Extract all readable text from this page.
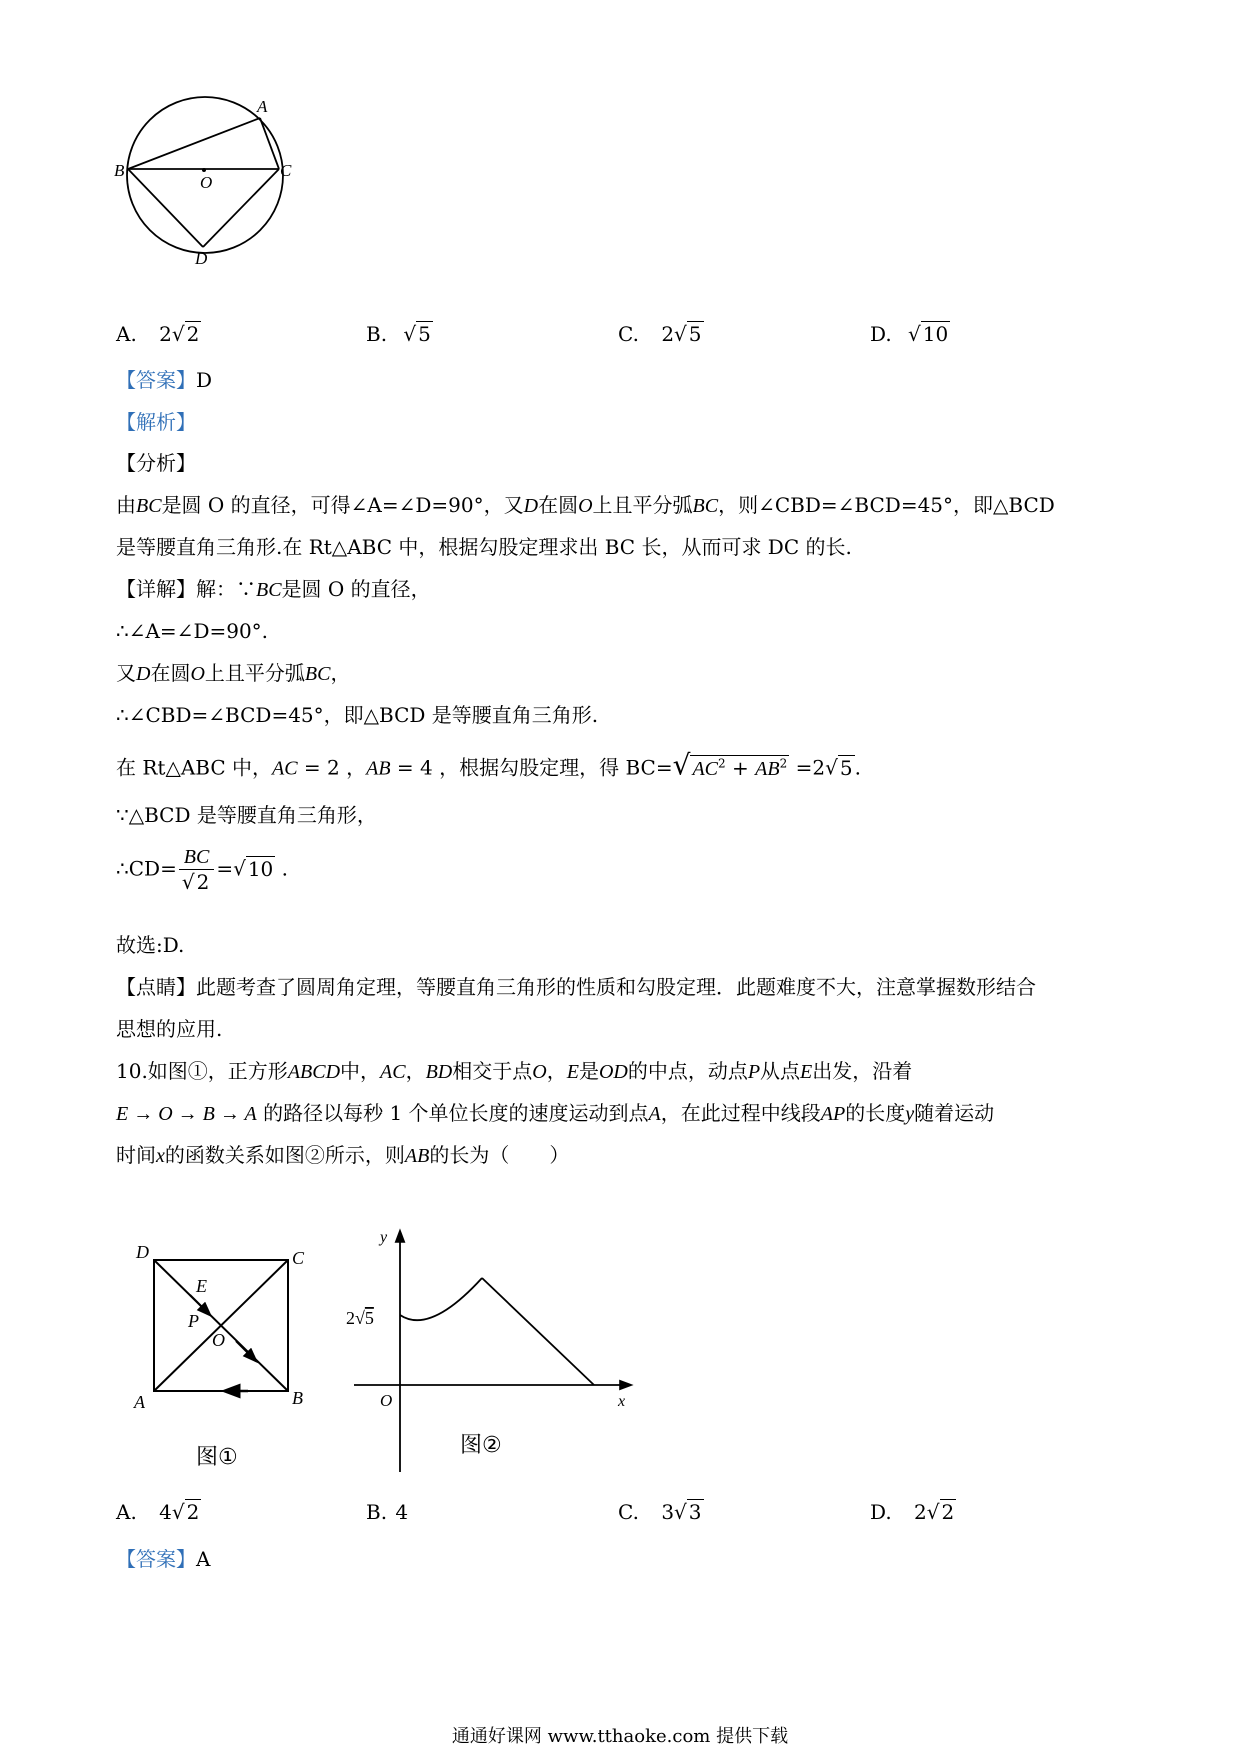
A
B	C
O
D
A. 2√ 2	B. √ 5	C. 2√ 5	D. √ 10
【答案】D
【解析】
【分析】
由BC是圆 O 的直径，可得∠A=∠D=90°，又D在圆O上且平分弧BC，则∠CBD=∠BCD=45°，即△BCD
是等腰直角三角形.在 Rt△ABC 中，根据勾股定理求出 BC 长，从而可求 DC 的长.
【详解】解：∵BC是圆 O 的直径，
∴∠A=∠D=90°.
又D在圆O上且平分弧BC，
∴∠CBD=∠BCD=45°，即△BCD 是等腰直角三角形.
在 Rt△ABC 中，AC = 2 ，AB = 4 ，根据勾股定理，得 BC=√ $AC^2 + AB^2 =2√$ 5 .
∵△BCD 是等腰直角三角形，
∴CD= $\frac{BC}{√ 2}$ =√ 10 .
故选:D.
【点睛】此题考查了圆周角定理，等腰直角三角形的性质和勾股定理．此题难度不大，注意掌握数形结合
思想的应用.
10.如图①，正方形ABCD中，AC，BD相交于点O，E是OD的中点，动点P从点E出发，沿着
E → O → B → A 的路径以每秒 1 个单位长度的速度运动到点A，在此过程中线段AP的长度y随着运动
时间x的函数关系如图②所示，则AB的长为（　　）
D	C
E
P
O
A	B
图①
y
x
O
2√5
图②
A. 4√ 2	B. 4	C. 3√ 3	D. 2√ 2
【答案】A
通通好课网 www.tthaoke.com 提供下载
